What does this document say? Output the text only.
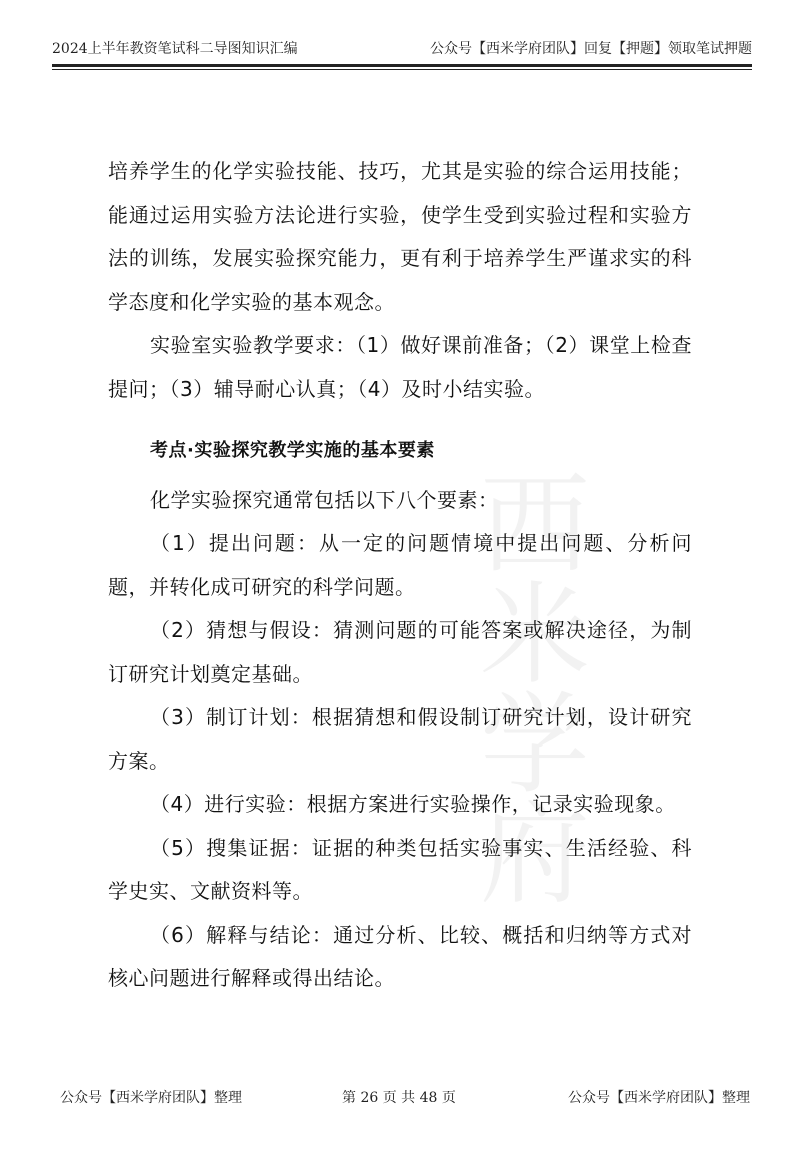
2024上半年教资笔试科二导图知识汇编	公众号【西米学府团队】回复【押题】领取笔试押题
西米学府

培养学生的化学实验技能、技巧，尤其是实验的综合运用技能；能通过运用实验方法论进行实验，使学生受到实验过程和实验方法的训练，发展实验探究能力，更有利于培养学生严谨求实的科学态度和化学实验的基本观念。

实验室实验教学要求：（1）做好课前准备；（2）课堂上检查提问；（3）辅导耐心认真；（4）及时小结实验。

考点·实验探究教学实施的基本要素

化学实验探究通常包括以下八个要素：

（1）提出问题：从一定的问题情境中提出问题、分析问题，并转化成可研究的科学问题。

（2）猜想与假设：猜测问题的可能答案或解决途径，为制订研究计划奠定基础。

（3）制订计划：根据猜想和假设制订研究计划，设计研究方案。

（4）进行实验：根据方案进行实验操作，记录实验现象。

（5）搜集证据：证据的种类包括实验事实、生活经验、科学史实、文献资料等。

（6）解释与结论：通过分析、比较、概括和归纳等方式对核心问题进行解释或得出结论。

公众号【西米学府团队】整理	第 26 页 共 48 页	公众号【西米学府团队】整理
